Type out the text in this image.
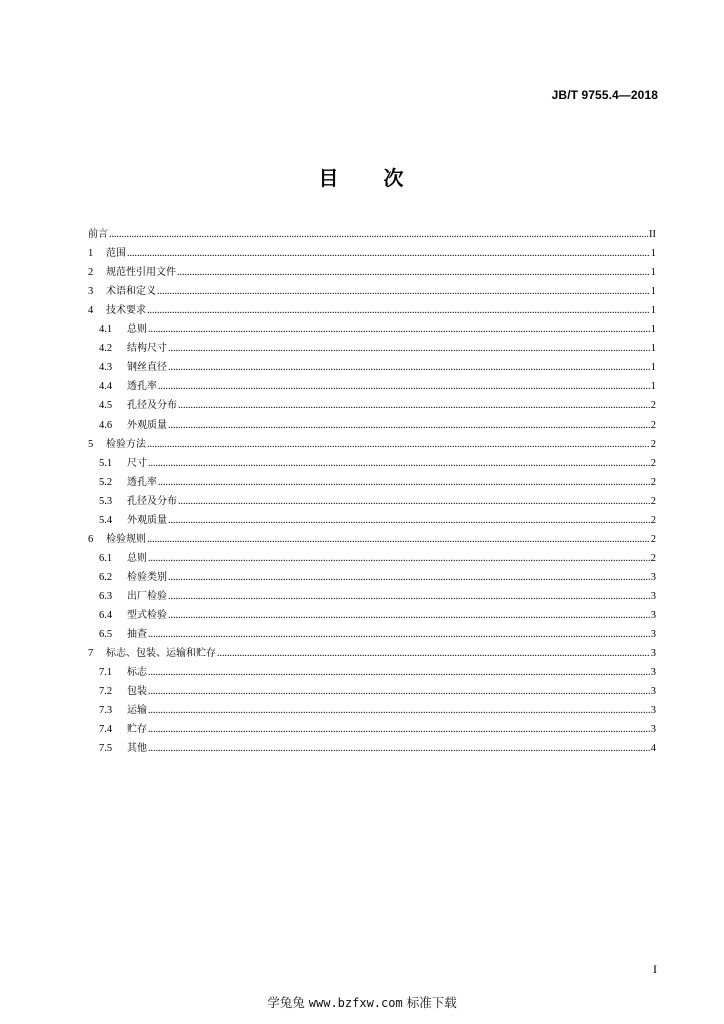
JB/T 9755.4—2018
目 次
前言 .....	II
1	范围 .....	1
2	规范性引用文件 .....	1
3	术语和定义 .....	1
4	技术要求 .....	1
4.1	总则 .....	1
4.2	结构尺寸 .....	1
4.3	钢丝直径 .....	1
4.4	透孔率 .....	1
4.5	孔径及分布 .....	2
4.6	外观质量 .....	2
5	检验方法 .....	2
5.1	尺寸 .....	2
5.2	透孔率 .....	2
5.3	孔径及分布 .....	2
5.4	外观质量 .....	2
6	检验规则 .....	2
6.1	总则 .....	2
6.2	检验类别 .....	3
6.3	出厂检验 .....	3
6.4	型式检验 .....	3
6.5	抽查 .....	3
7	标志、包装、运输和贮存 .....	3
7.1	标志 .....	3
7.2	包装 .....	3
7.3	运输 .....	3
7.4	贮存 .....	3
7.5	其他 .....	4
I
学兔兔 www.bzfxw.com 标准下载
